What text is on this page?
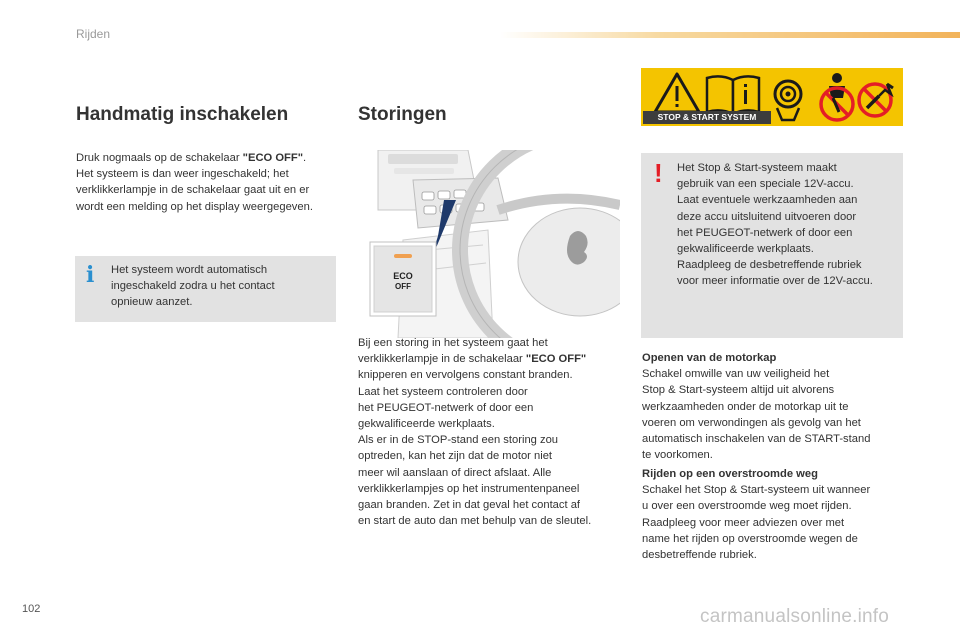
Rijden
Handmatig inschakelen
Druk nogmaals op de schakelaar "ECO OFF".
Het systeem is dan weer ingeschakeld; het
verklikkerlampje in de schakelaar gaat uit en er
wordt een melding op het display weergegeven.
i Het systeem wordt automatisch
ingeschakeld zodra u het contact
opnieuw aanzet.
Storingen
ECO
OFF
Bij een storing in het systeem gaat het
verklikkerlampje in de schakelaar "ECO OFF"
knipperen en vervolgens constant branden.
Laat het systeem controleren door
het PEUGEOT-netwerk of door een
gekwalificeerde werkplaats.
Als er in de STOP-stand een storing zou
optreden, kan het zijn dat de motor niet
meer wil aanslaan of direct afslaat. Alle
verklikkerlampjes op het instrumentenpaneel
gaan branden. Zet in dat geval het contact af
en start de auto dan met behulp van de sleutel.
STOP & START SYSTEM
! Het Stop & Start-systeem maakt
gebruik van een speciale 12V-accu.
Laat eventuele werkzaamheden aan
deze accu uitsluitend uitvoeren door
het PEUGEOT-netwerk of door een
gekwalificeerde werkplaats.
Raadpleeg de desbetreffende rubriek
voor meer informatie over de 12V-accu.
Openen van de motorkap
Schakel omwille van uw veiligheid het
Stop & Start-systeem altijd uit alvorens
werkzaamheden onder de motorkap uit te
voeren om verwondingen als gevolg van het
automatisch inschakelen van de START-stand
te voorkomen.
Rijden op een overstroomde weg
Schakel het Stop & Start-systeem uit wanneer
u over een overstroomde weg moet rijden.
Raadpleeg voor meer adviezen over met
name het rijden op overstroomde wegen de
desbetreffende rubriek.
102	carmanualsonline.info
